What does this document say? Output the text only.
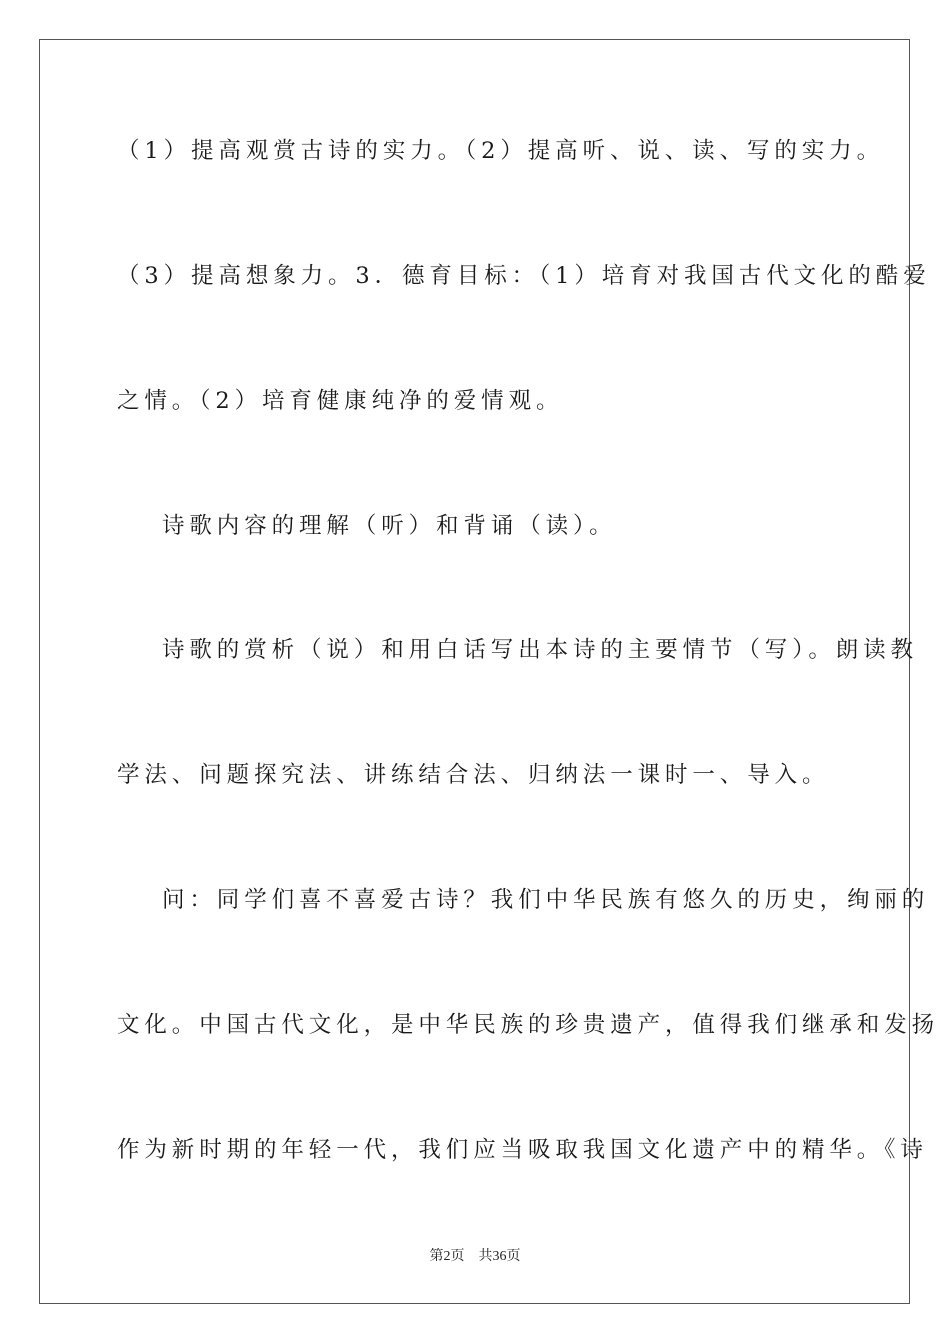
（1）提高观赏古诗的实力。（2）提高听、说、读、写的实力。
（3）提高想象力。3．德育目标：（1）培育对我国古代文化的酷爱
之情。（2）培育健康纯净的爱情观。
诗歌内容的理解（听）和背诵（读）。
诗歌的赏析（说）和用白话写出本诗的主要情节（写）。朗读教
学法、问题探究法、讲练结合法、归纳法一课时一、导入。
问：同学们喜不喜爱古诗？我们中华民族有悠久的历史，绚丽的
文化。中国古代文化，是中华民族的珍贵遗产，值得我们继承和发扬
作为新时期的年轻一代，我们应当吸取我国文化遗产中的精华。《诗
第2页 共36页
